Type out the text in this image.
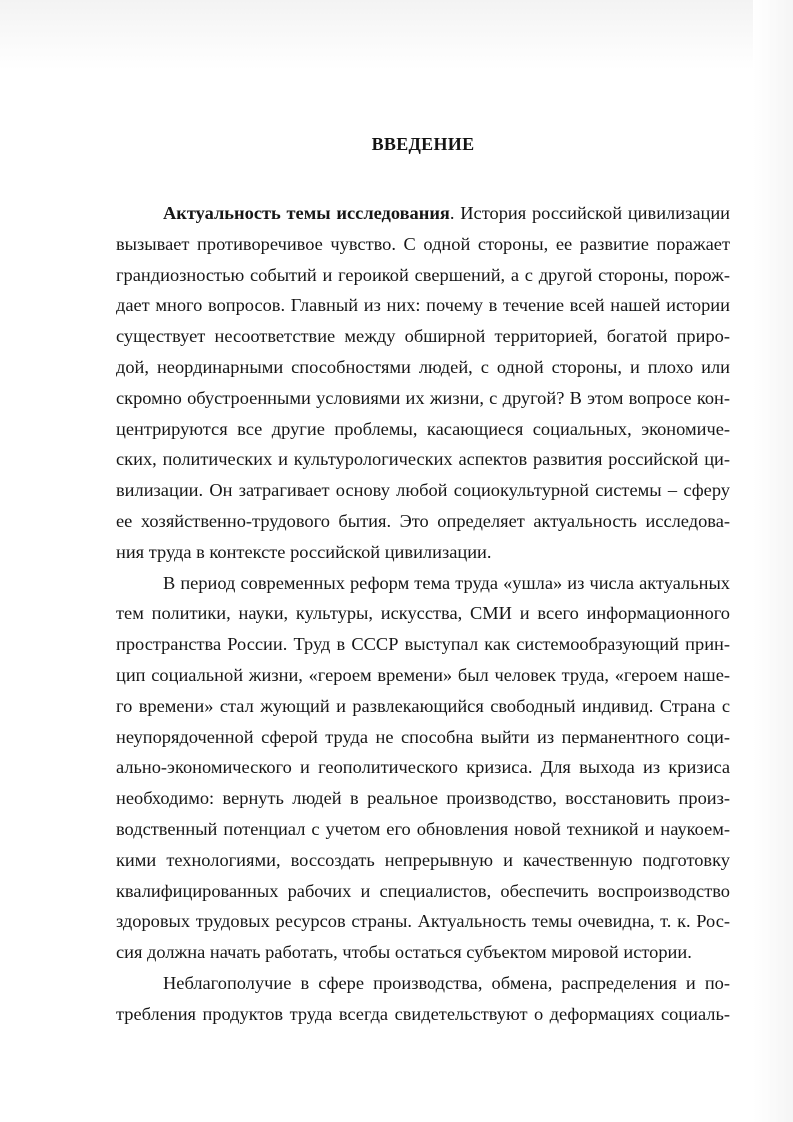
ВВЕДЕНИЕ
Актуальность темы исследования. История российской цивилизации
вызывает противоречивое чувство. С одной стороны, ее развитие поражает
грандиозностью событий и героикой свершений, а с другой стороны, порож-
дает много вопросов. Главный из них: почему в течение всей нашей истории
существует несоответствие между обширной территорией, богатой приро-
дой, неординарными способностями людей, с одной стороны, и плохо или
скромно обустроенными условиями их жизни, с другой? В этом вопросе кон-
центрируются все другие проблемы, касающиеся социальных, экономиче-
ских, политических и культурологических аспектов развития российской ци-
вилизации. Он затрагивает основу любой социокультурной системы – сферу
ее хозяйственно-трудового бытия. Это определяет актуальность исследова-
ния труда в контексте российской цивилизации.
В период современных реформ тема труда «ушла» из числа актуальных
тем политики, науки, культуры, искусства, СМИ и всего информационного
пространства России. Труд в СССР выступал как системообразующий прин-
цип социальной жизни, «героем времени» был человек труда, «героем наше-
го времени» стал жующий и развлекающийся свободный индивид. Страна с
неупорядоченной сферой труда не способна выйти из перманентного соци-
ально-экономического и геополитического кризиса. Для выхода из кризиса
необходимо: вернуть людей в реальное производство, восстановить произ-
водственный потенциал с учетом его обновления новой техникой и наукоем-
кими технологиями, воссоздать непрерывную и качественную подготовку
квалифицированных рабочих и специалистов, обеспечить воспроизводство
здоровых трудовых ресурсов страны. Актуальность темы очевидна, т. к. Рос-
сия должна начать работать, чтобы остаться субъектом мировой истории.
Неблагополучие в сфере производства, обмена, распределения и по-
требления продуктов труда всегда свидетельствуют о деформациях социаль-
